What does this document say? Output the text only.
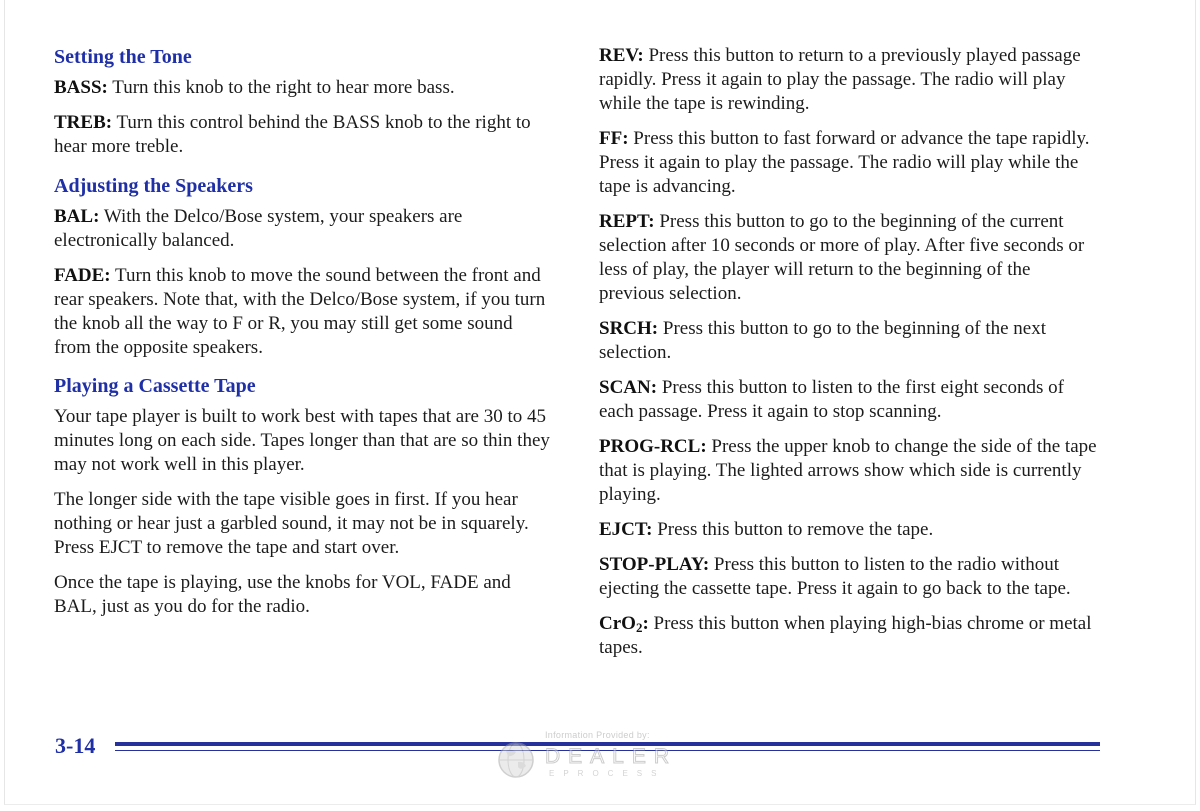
Setting the Tone

BASS: Turn this knob to the right to hear more bass.

TREB: Turn this control behind the BASS knob to the right to hear more treble.

Adjusting the Speakers

BAL: With the Delco/Bose system, your speakers are electronically balanced.

FADE: Turn this knob to move the sound between the front and rear speakers. Note that, with the Delco/Bose system, if you turn the knob all the way to F or R, you may still get some sound from the opposite speakers.

Playing a Cassette Tape

Your tape player is built to work best with tapes that are 30 to 45 minutes long on each side. Tapes longer than that are so thin they may not work well in this player.

The longer side with the tape visible goes in first. If you hear nothing or hear just a garbled sound, it may not be in squarely. Press EJCT to remove the tape and start over.

Once the tape is playing, use the knobs for VOL, FADE and BAL, just as you do for the radio.

REV: Press this button to return to a previously played passage rapidly. Press it again to play the passage. The radio will play while the tape is rewinding.

FF: Press this button to fast forward or advance the tape rapidly. Press it again to play the passage. The radio will play while the tape is advancing.

REPT: Press this button to go to the beginning of the current selection after 10 seconds or more of play. After five seconds or less of play, the player will return to the beginning of the previous selection.

SRCH: Press this button to go to the beginning of the next selection.

SCAN: Press this button to listen to the first eight seconds of each passage. Press it again to stop scanning.

PROG-RCL: Press the upper knob to change the side of the tape that is playing. The lighted arrows show which side is currently playing.

EJCT: Press this button to remove the tape.

STOP-PLAY: Press this button to listen to the radio without ejecting the cassette tape. Press it again to go back to the tape.

CrO$_2$: Press this button when playing high-bias chrome or metal tapes.

3-14	Information Provided by:
DEALER
EPROCESS
